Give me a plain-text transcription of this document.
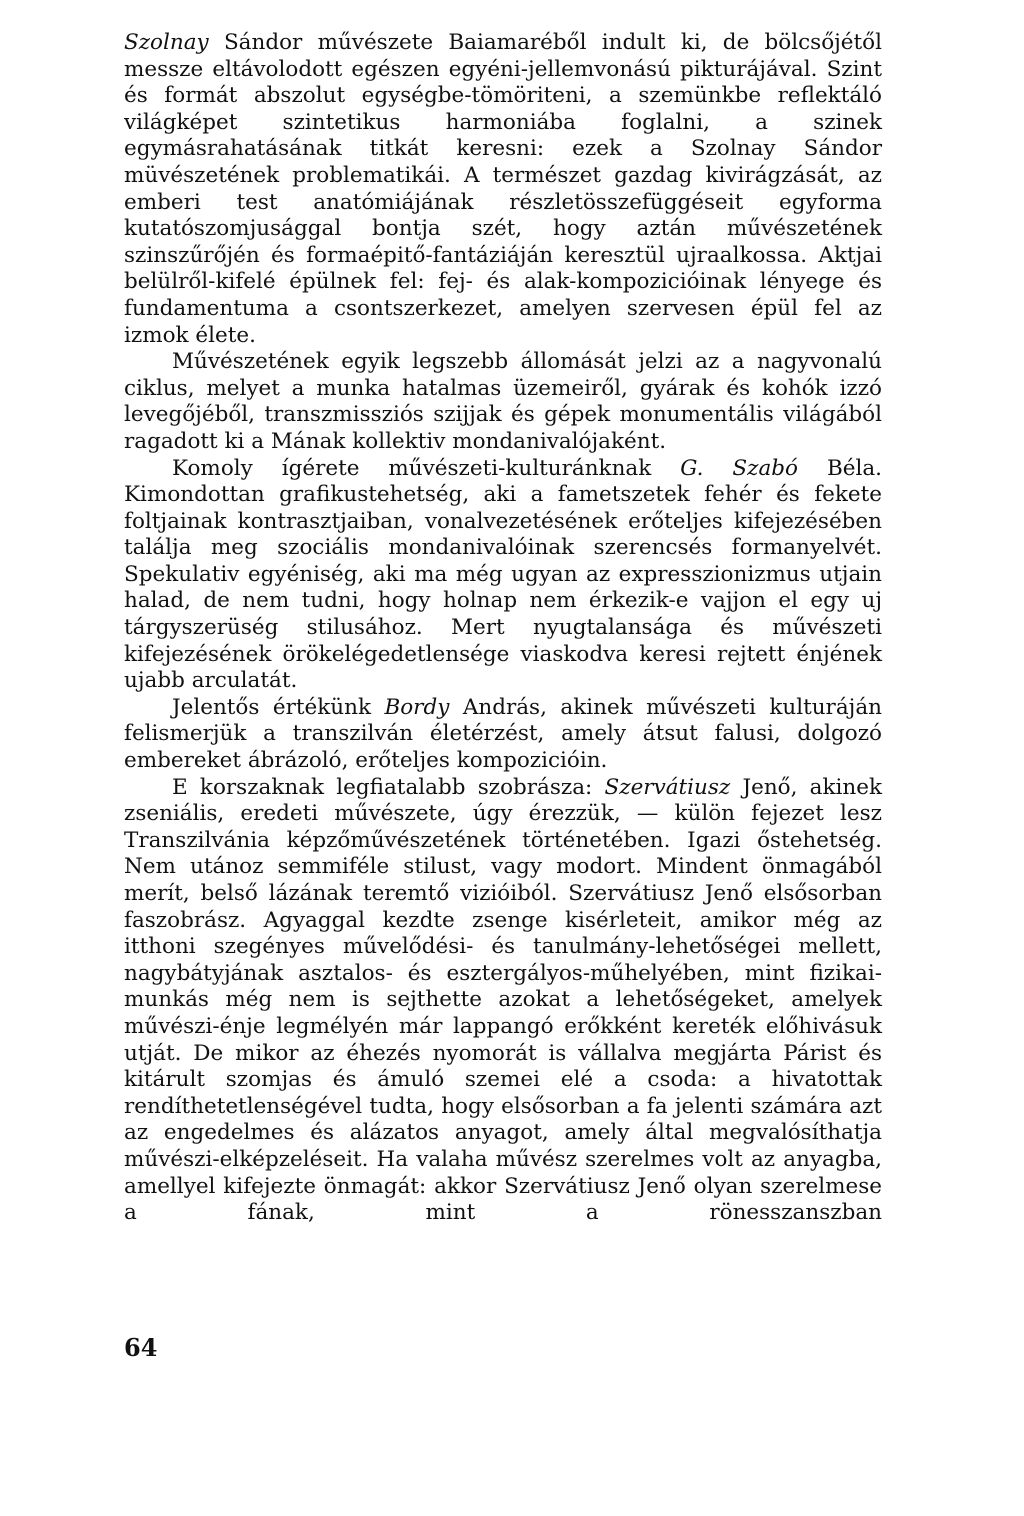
Szolnay Sándor művészete Baiamaréből indult ki, de bölcsőjétől messze eltávolodott egészen egyéni-jellemvonású pikturájával. Szint és formát abszolut egységbe-tömöriteni, a szemünkbe reflektáló világképet szintetikus harmoniába foglalni, a szinek egymásrahatásának titkát keresni: ezek a Szolnay Sándor müvészetének problematikái. A természet gazdag kivirágzását, az emberi test anatómiájának részletösszefüggéseit egyforma kutatószomjusággal bontja szét, hogy aztán művészetének szinszűrőjén és formaépitő-fantáziáján keresztül ujraalkossa. Aktjai belülről-kifelé épülnek fel: fej- és alak-kompozicióinak lényege és fundamentuma a csontszerkezet, amelyen szervesen épül fel az izmok élete.

Művészetének egyik legszebb állomását jelzi az a nagyvonalú ciklus, melyet a munka hatalmas üzemeiről, gyárak és kohók izzó levegőjéből, transzmissziós szijjak és gépek monumentális világából ragadott ki a Mának kollektiv mondanivalójaként.

Komoly ígérete művészeti-kulturánknak G. Szabó Béla. Kimondottan grafikustehetség, aki a fametszetek fehér és fekete foltjainak kontrasztjaiban, vonalvezetésének erőteljes kifejezésében találja meg szociális mondanivalóinak szerencsés formanyelvét. Spekulativ egyéniség, aki ma még ugyan az expresszionizmus utjain halad, de nem tudni, hogy holnap nem érkezik-e vajjon el egy uj tárgyszerüség stilusához. Mert nyugtalansága és művészeti kifejezésének örökelégedetlensége viaskodva keresi rejtett énjének ujabb arculatát.

Jelentős értékünk Bordy András, akinek művészeti kulturáján felismerjük a transzilván életérzést, amely átsut falusi, dolgozó embereket ábrázoló, erőteljes kompozicióin.

E korszaknak legfiatalabb szobrásza: Szervátiusz Jenő, akinek zseniális, eredeti művészete, úgy érezzük, — külön fejezet lesz Transzilvánia képzőművészetének történetében. Igazi őstehetség. Nem utánoz semmiféle stilust, vagy modort. Mindent önmagából merít, belső lázának teremtő vizióiból. Szervátiusz Jenő elsősorban faszobrász. Agyaggal kezdte zsenge kisérleteit, amikor még az itthoni szegényes művelődési- és tanulmány-lehetőségei mellett, nagybátyjának asztalos- és esztergályos-műhelyében, mint fizikai-munkás még nem is sejthette azokat a lehetőségeket, amelyek művészi-énje legmélyén már lappangó erőkként kereték előhivásuk utját. De mikor az éhezés nyomorát is vállalva megjárta Párist és kitárult szomjas és ámuló szemei elé a csoda: a hivatottak rendíthetetlenségével tudta, hogy elsősorban a fa jelenti számára azt az engedelmes és alázatos anyagot, amely által megvalósíthatja művészi-elképzeléseit. Ha valaha művész szerelmes volt az anyagba, amellyel kifejezte önmagát: akkor Szervátiusz Jenő olyan szerelmese a fának, mint a rönesszanszban

64
